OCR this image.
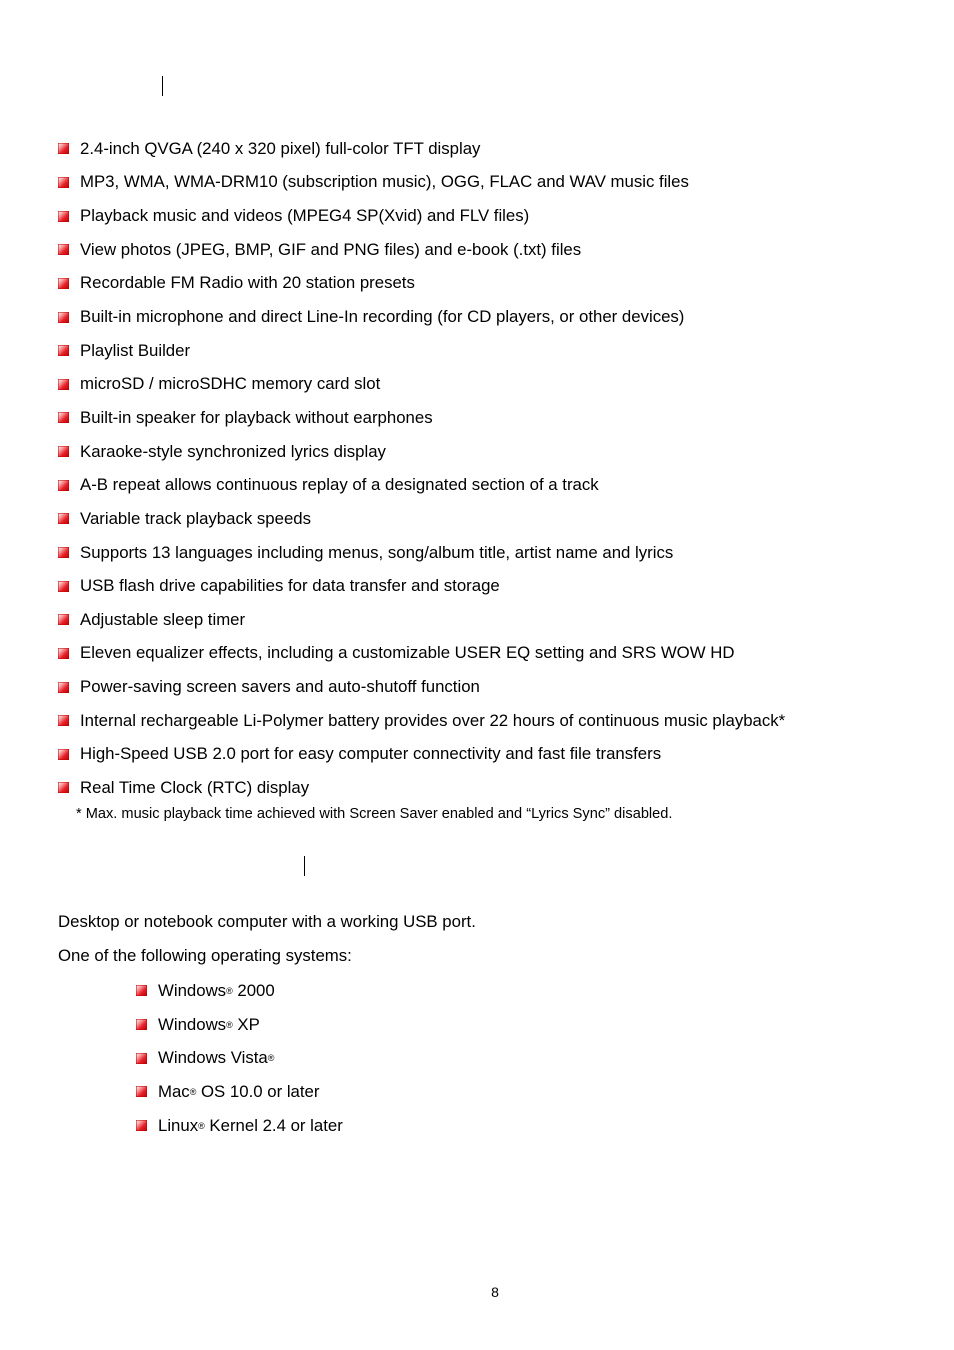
2.4-inch QVGA (240 x 320 pixel) full-color TFT display
MP3, WMA, WMA-DRM10 (subscription music), OGG, FLAC and WAV music files
Playback music and videos (MPEG4 SP(Xvid) and FLV files)
View photos (JPEG, BMP, GIF and PNG files) and e-book (.txt) files
Recordable FM Radio with 20 station presets
Built-in microphone and direct Line-In recording (for CD players, or other devices)
Playlist Builder
microSD / microSDHC memory card slot
Built-in speaker for playback without earphones
Karaoke-style synchronized lyrics display
A-B repeat allows continuous replay of a designated section of a track
Variable track playback speeds
Supports 13 languages including menus, song/album title, artist name and lyrics
USB flash drive capabilities for data transfer and storage
Adjustable sleep timer
Eleven equalizer effects, including a customizable USER EQ setting and SRS WOW HD
Power-saving screen savers and auto-shutoff function
Internal rechargeable Li-Polymer battery provides over 22 hours of continuous music playback*
High-Speed USB 2.0 port for easy computer connectivity and fast file transfers
Real Time Clock (RTC) display

* Max. music playback time achieved with Screen Saver enabled and “Lyrics Sync” disabled.

Desktop or notebook computer with a working USB port.

One of the following operating systems:

Windows ® 2000
Windows ® XP
Windows Vista ®
Mac ® OS 10.0 or later
Linux ® Kernel 2.4 or later

8
